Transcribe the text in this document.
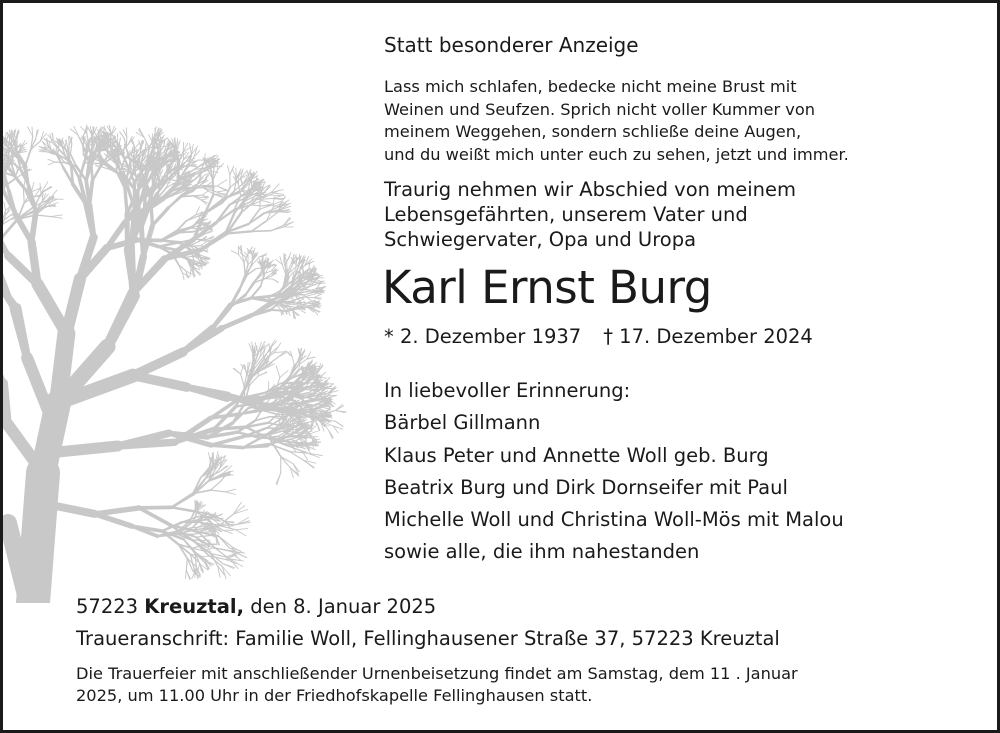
Statt besonderer Anzeige
Lass mich schlafen, bedecke nicht meine Brust mit
Weinen und Seufzen. Sprich nicht voller Kummer von
meinem Weggehen, sondern schließe deine Augen,
und du weißt mich unter euch zu sehen, jetzt und immer.
Traurig nehmen wir Abschied von meinem
Lebensgefährten, unserem Vater und
Schwiegervater, Opa und Uropa
Karl Ernst Burg
* 2. Dezember 1937 † 17. Dezember 2024
In liebevoller Erinnerung:
Bärbel Gillmann
Klaus Peter und Annette Woll geb. Burg
Beatrix Burg und Dirk Dornseifer mit Paul
Michelle Woll und Christina Woll-Mös mit Malou
sowie alle, die ihm nahestanden
57223 Kreuztal, den 8. Januar 2025
Traueranschrift: Familie Woll, Fellinghausener Straße 37, 57223 Kreuztal
Die Trauerfeier mit anschließender Urnenbeisetzung findet am Samstag, dem 11 . Januar
2025, um 11.00 Uhr in der Friedhofskapelle Fellinghausen statt.
